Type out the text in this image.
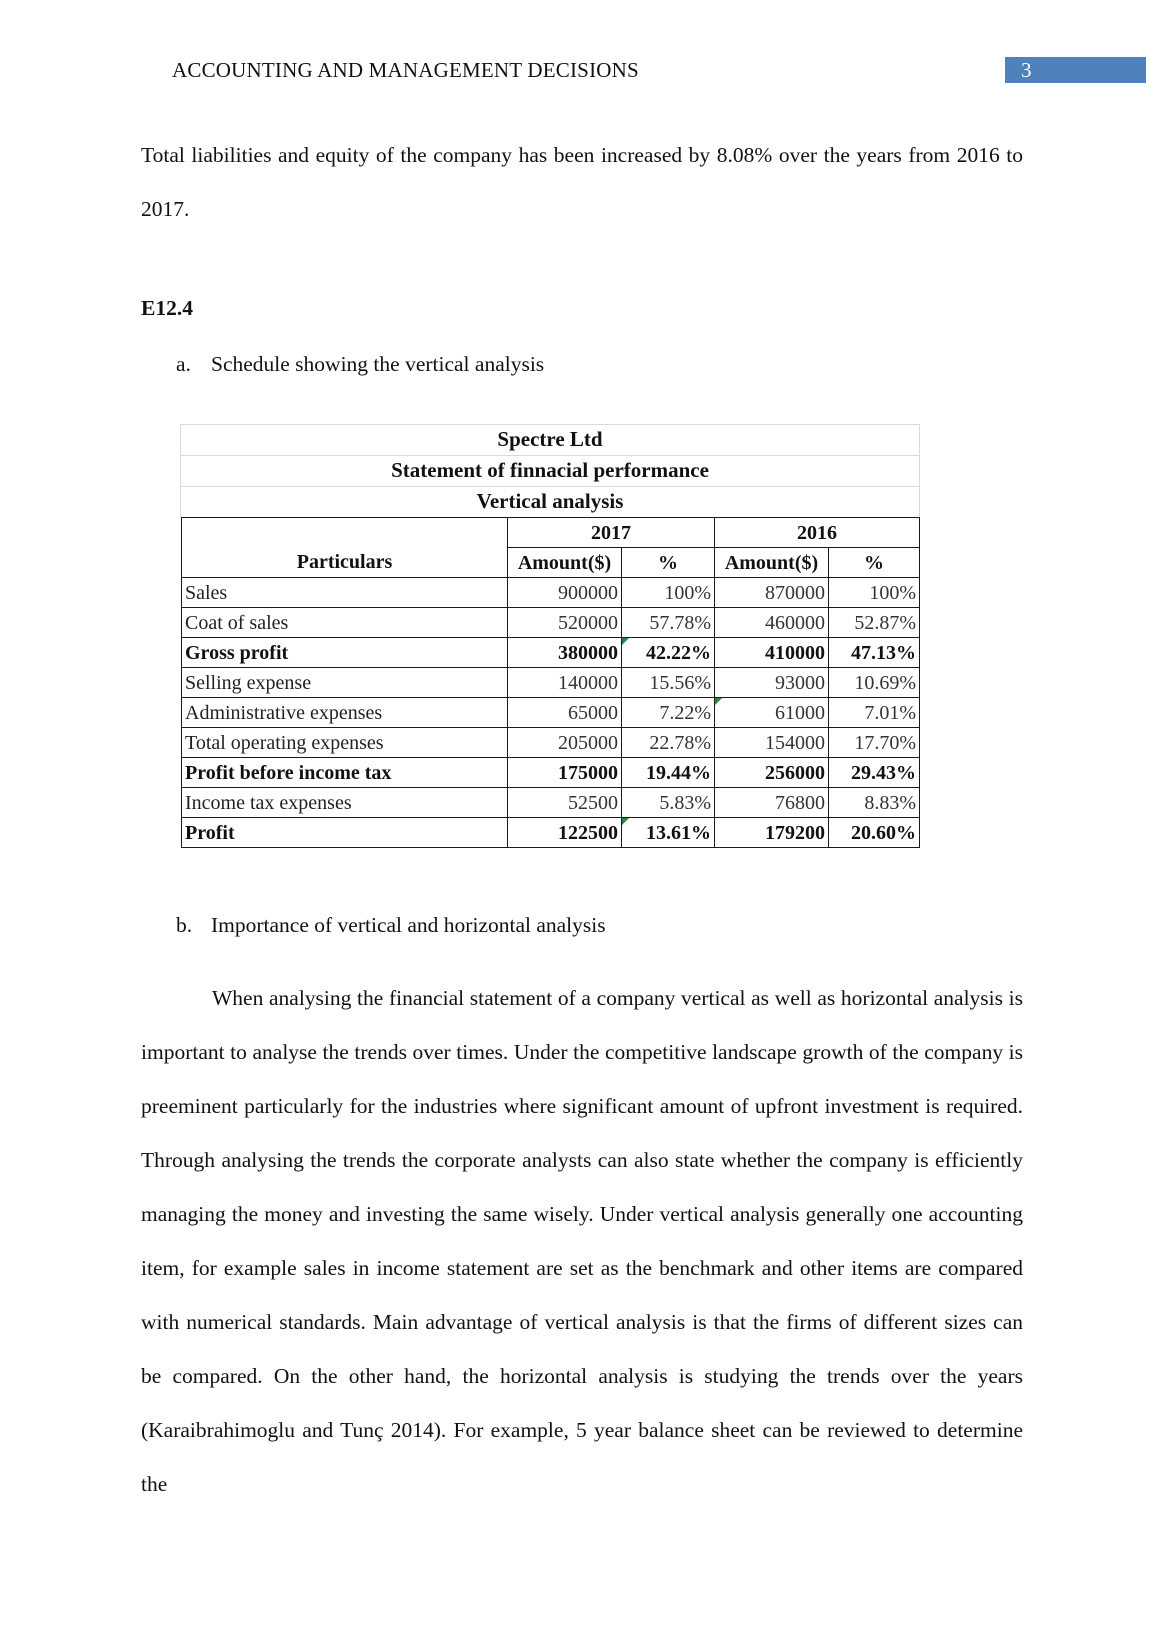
ACCOUNTING AND MANAGEMENT DECISIONS	3
Total liabilities and equity of the company has been increased by 8.08% over the years from 2016 to 2017.
E12.4
a. Schedule showing the vertical analysis
Spectre Ltd
Statement of finnacial performance
Vertical analysis
	2017		2016	
Particulars	Amount($)	%	Amount($)	%
Sales	900000	100%	870000	100%
Coat of sales	520000	57.78%	460000	52.87%
Gross profit	380000	42.22%	410000	47.13%
Selling expense	140000	15.56%	93000	10.69%
Administrative expenses	65000	7.22%	61000	7.01%
Total operating expenses	205000	22.78%	154000	17.70%
Profit before income tax	175000	19.44%	256000	29.43%
Income tax expenses	52500	5.83%	76800	8.83%
Profit	122500	13.61%	179200	20.60%
b. Importance of vertical and horizontal analysis
When analysing the financial statement of a company vertical as well as horizontal analysis is important to analyse the trends over times. Under the competitive landscape growth of the company is preeminent particularly for the industries where significant amount of upfront investment is required. Through analysing the trends the corporate analysts can also state whether the company is efficiently managing the money and investing the same wisely. Under vertical analysis generally one accounting item, for example sales in income statement are set as the benchmark and other items are compared with numerical standards. Main advantage of vertical analysis is that the firms of different sizes can be compared. On the other hand, the horizontal analysis is studying the trends over the years (Karaibrahimoglu and Tunç 2014). For example, 5 year balance sheet can be reviewed to determine the
